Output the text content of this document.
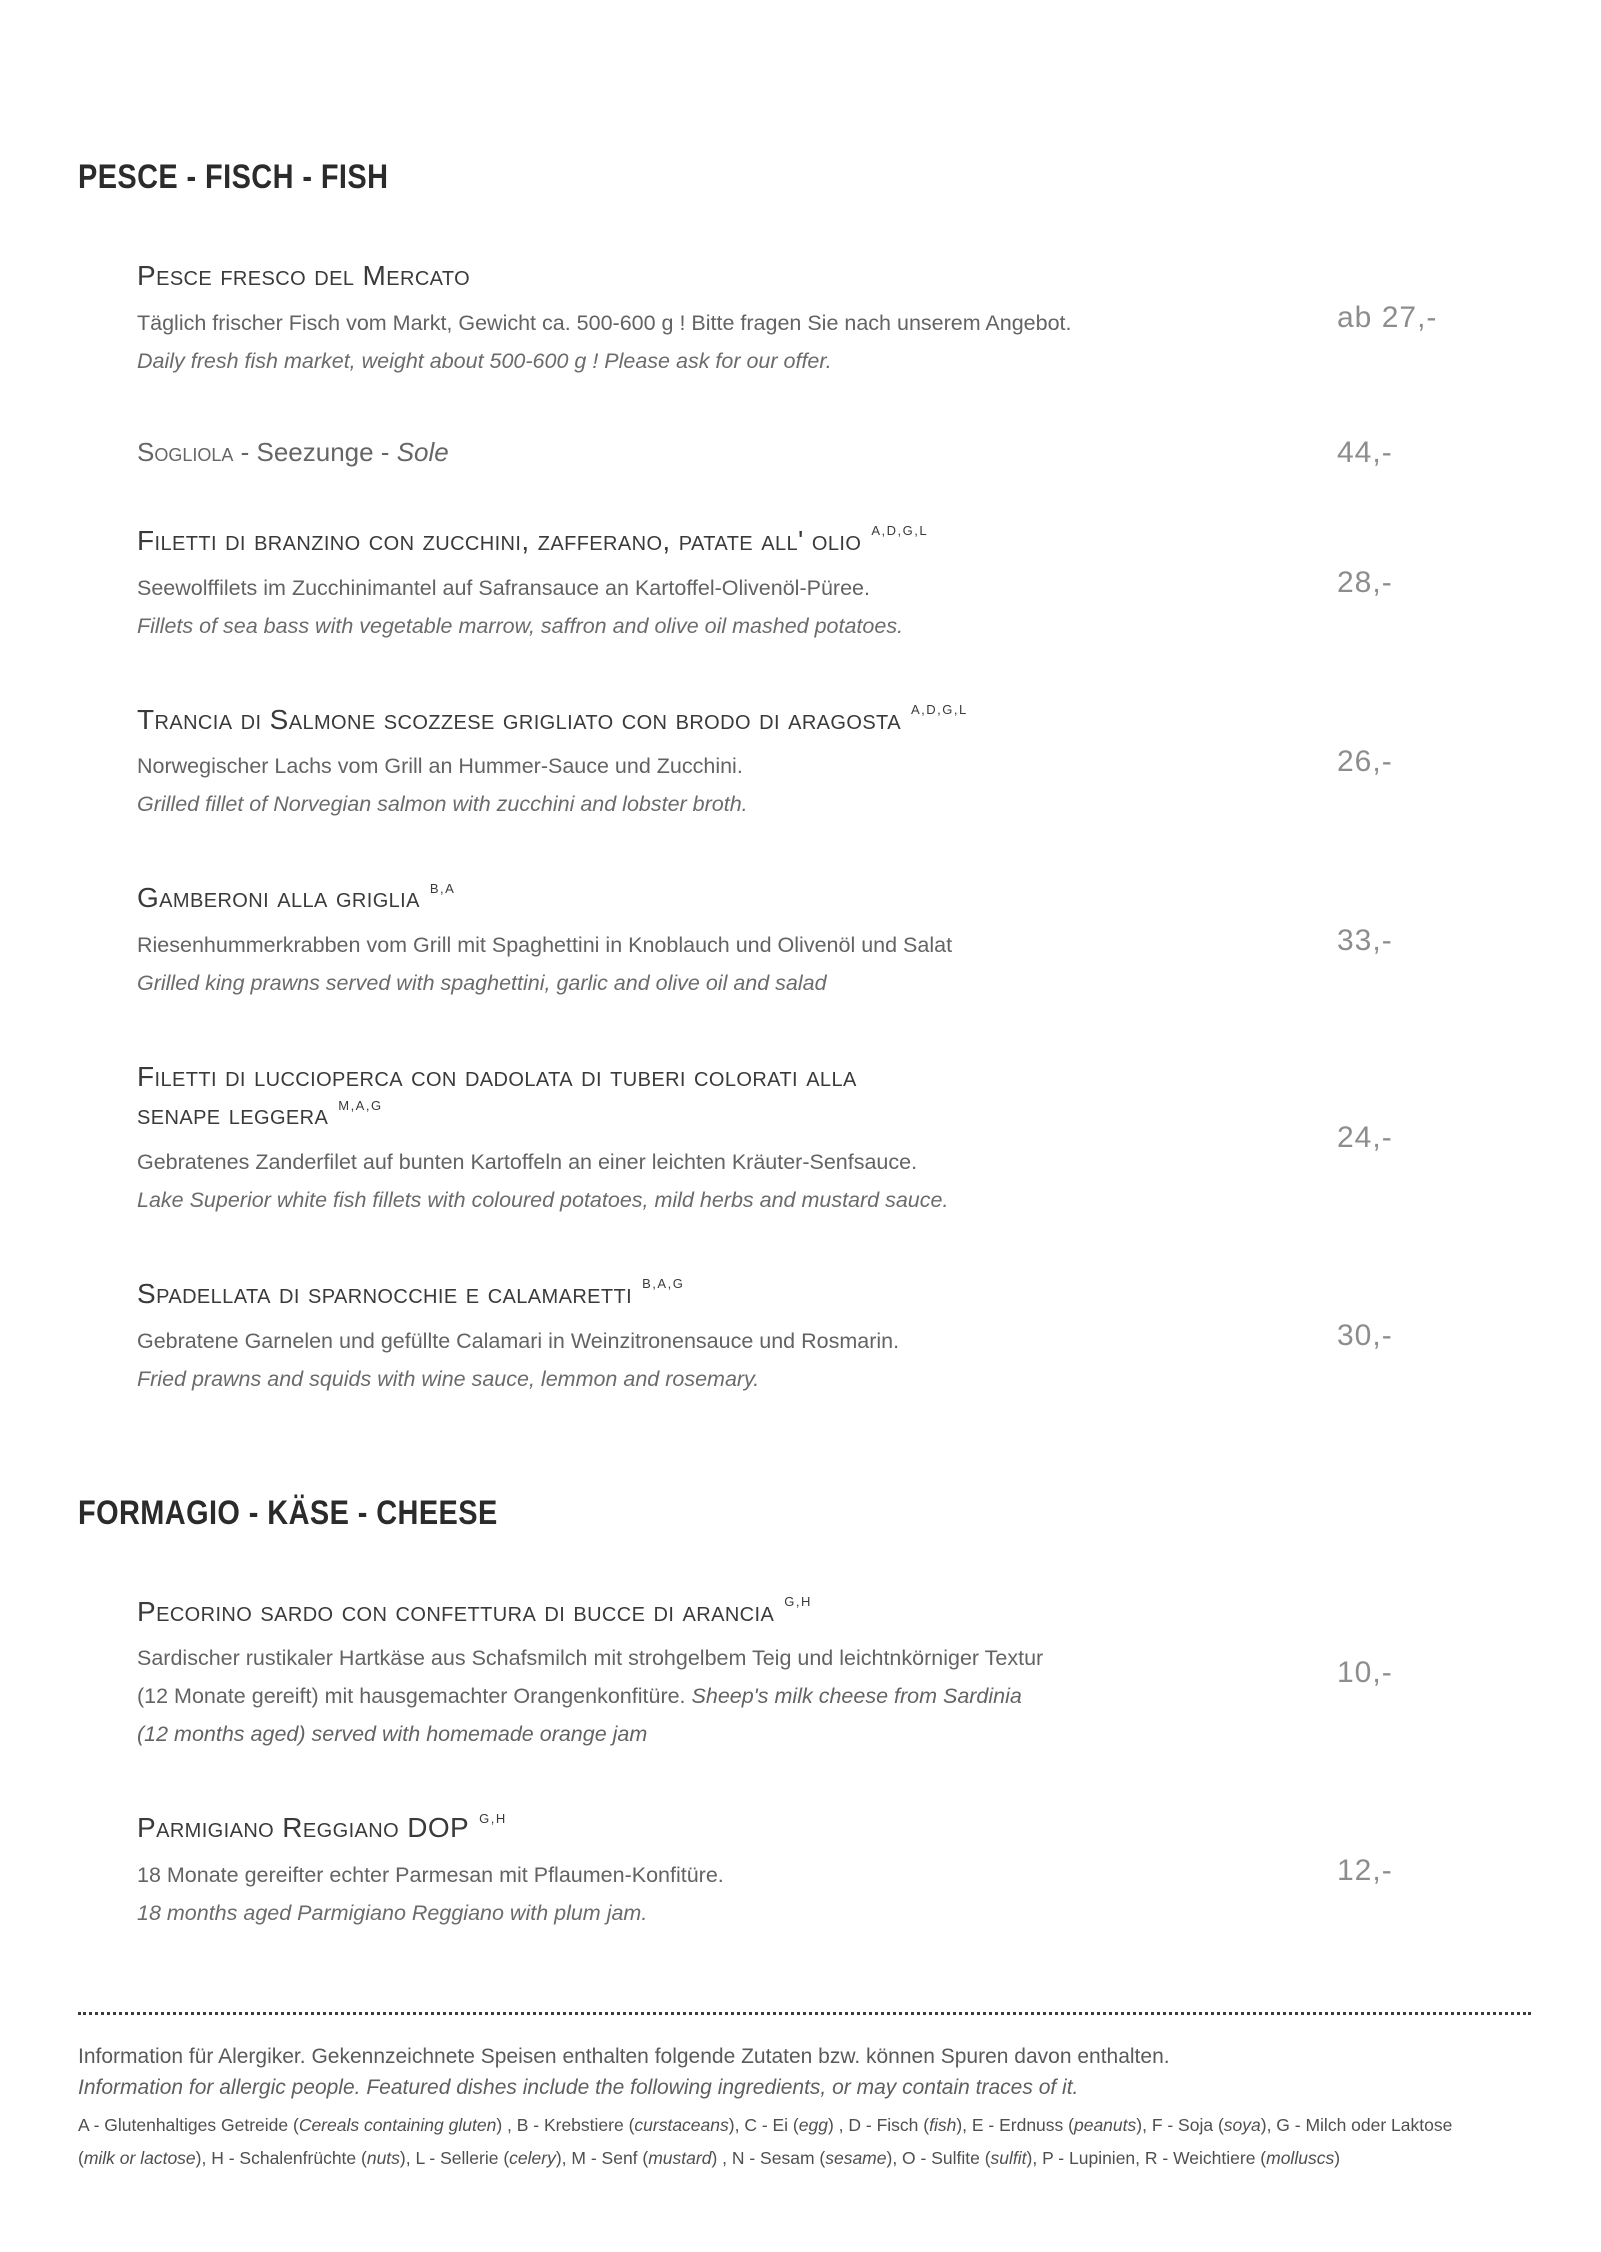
PESCE - FISCH - FISH
Pesce fresco del Mercato

Täglich frischer Fisch vom Markt, Gewicht ca. 500-600 g ! Bitte fragen Sie nach unserem Angebot.

Daily fresh fish market, weight about 500-600 g ! Please ask for our offer.

ab 27,-

Sogliola - Seezunge - Sole	44,-
Filetti di branzino con zucchini, zafferano, patate all' olio $^{A,D,G,L}$

Seewolffilets im Zucchinimantel auf Safransauce an Kartoffel-Olivenöl-Püree.

Fillets of sea bass with vegetable marrow, saffron and olive oil mashed potatoes.

28,-
Trancia di Salmone scozzese grigliato con brodo di aragosta $^{A,D,G,L}$

Norwegischer Lachs vom Grill an Hummer-Sauce und Zucchini.

Grilled fillet of Norvegian salmon with zucchini and lobster broth.

26,-
Gamberoni alla griglia $^{B,A}$

Riesenhummerkrabben vom Grill mit Spaghettini in Knoblauch und Olivenöl und Salat

Grilled king prawns served with spaghettini, garlic and olive oil and salad

33,-
Filetti di luccioperca con dadolata di tuberi colorati alla
senape leggera $^{M,A,G}$

Gebratenes Zanderfilet auf bunten Kartoffeln an einer leichten Kräuter-Senfsauce.

Lake Superior white fish fillets with coloured potatoes, mild herbs and mustard sauce.

24,-
Spadellata di sparnocchie e calamaretti $^{B,A,G}$

Gebratene Garnelen und gefüllte Calamari in Weinzitronensauce und Rosmarin.

Fried prawns and squids with wine sauce, lemmon and rosemary.

30,-
FORMAGIO - KÄSE - CHEESE
Pecorino sardo con confettura di bucce di arancia $^{G,H}$

Sardischer rustikaler Hartkäse aus Schafsmilch mit strohgelbem Teig und leichtnkörniger Textur
(12 Monate gereift) mit hausgemachter Orangenkonfitüre. Sheep's milk cheese from Sardinia
(12 months aged) served with homemade orange jam

10,-
Parmigiano Reggiano DOP $^{G,H}$

18 Monate gereifter echter Parmesan mit Pflaumen-Konfitüre.

18 months aged Parmigiano Reggiano with plum jam.

12,-

Information für Alergiker. Gekennzeichnete Speisen enthalten folgende Zutaten bzw. können Spuren davon enthalten.

Information for allergic people. Featured dishes include the following ingredients, or may contain traces of it.

A - Glutenhaltiges Getreide (Cereals containing gluten) , B - Krebstiere (curstaceans), C - Ei (egg) , D - Fisch (fish), E - Erdnuss (peanuts), F - Soja (soya), G - Milch oder Laktose

(milk or lactose), H - Schalenfrüchte (nuts), L - Sellerie (celery), M - Senf (mustard) , N - Sesam (sesame), O - Sulfite (sulfit), P - Lupinien, R - Weichtiere (molluscs)
